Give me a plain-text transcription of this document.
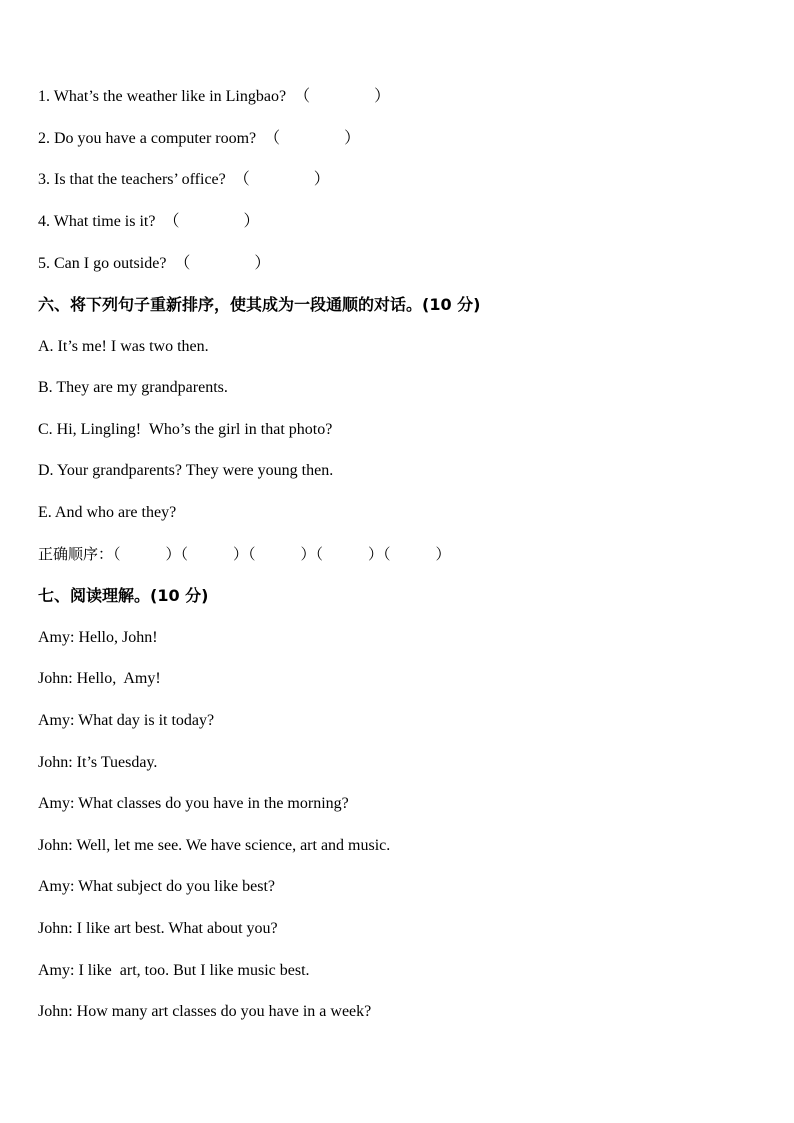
1. What’s the weather like in Lingbao? （　　　　）
2. Do you have a computer room? （　　　　）
3. Is that the teachers’ office? （　　　　）
4. What time is it? （　　　　）
5. Can I go outside? （　　　　）
六、将下列句子重新排序，使其成为一段通顺的对话。(10 分)
A. It’s me! I was two then.
B. They are my grandparents.
C. Hi, Lingling!  Who’s the girl in that photo?
D. Your grandparents? They were young then.
E. And who are they?
正确顺序：（　　　）（　　　）（　　　）（　　　）（　　　）
七、阅读理解。(10 分)
Amy: Hello, John!
John: Hello,  Amy!
Amy: What day is it today?
John: It’s Tuesday.
Amy: What classes do you have in the morning?
John: Well, let me see. We have science, art and music.
Amy: What subject do you like best?
John: I like art best. What about you?
Amy: I like  art, too. But I like music best.
John: How many art classes do you have in a week?
